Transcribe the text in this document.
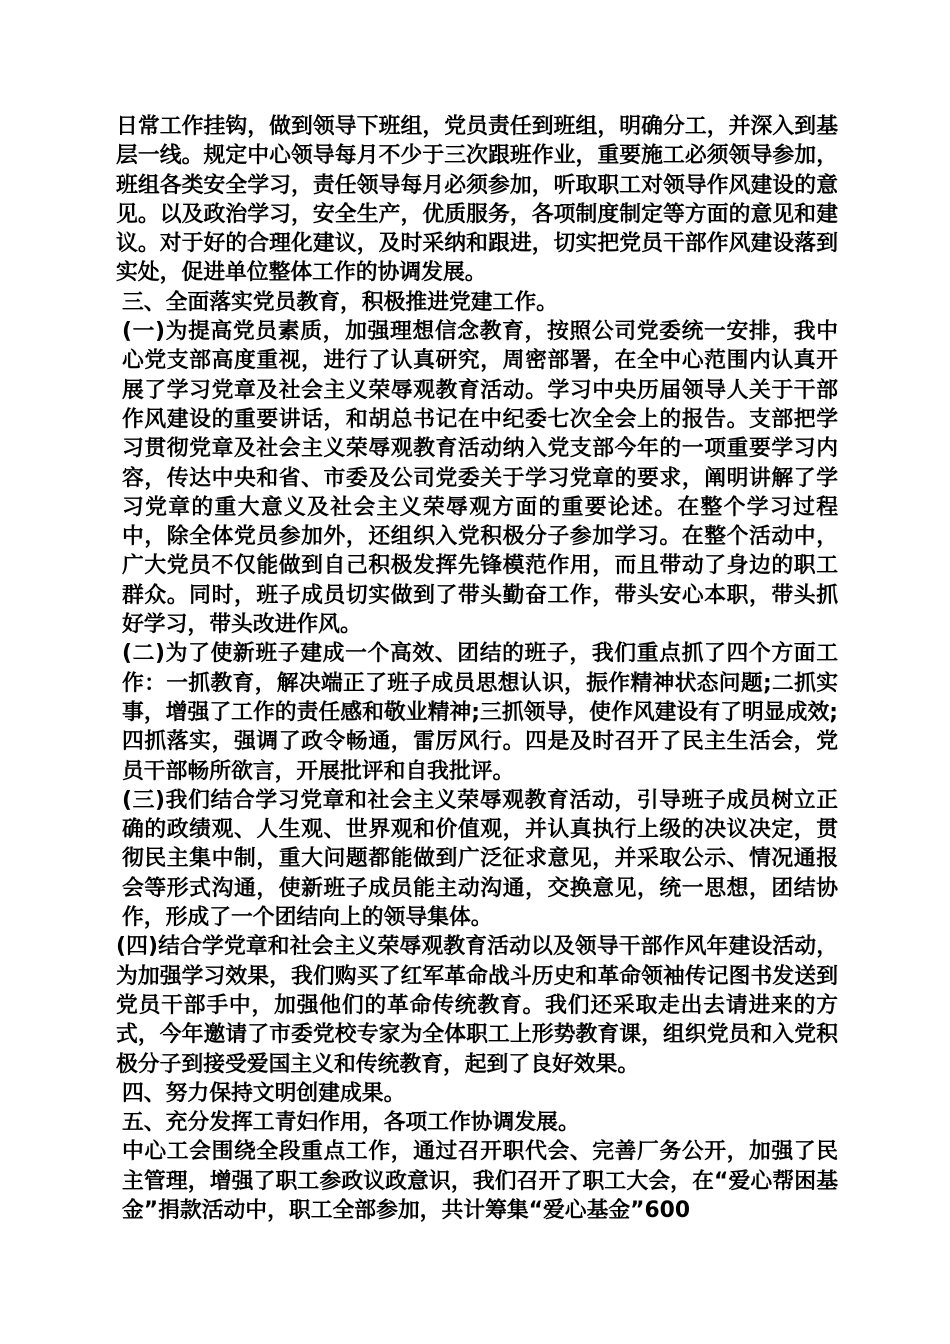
日常工作挂钩，做到领导下班组，党员责任到班组，明确分工，并深入到基层一线。规定中心领导每月不少于三次跟班作业，重要施工必须领导参加，班组各类安全学习，责任领导每月必须参加，听取职工对领导作风建设的意见。以及政治学习，安全生产，优质服务，各项制度制定等方面的意见和建议。对于好的合理化建议，及时采纳和跟进，切实把党员干部作风建设落到实处，促进单位整体工作的协调发展。

三、全面落实党员教育，积极推进党建工作。

(一)为提高党员素质，加强理想信念教育，按照公司党委统一安排，我中心党支部高度重视，进行了认真研究，周密部署，在全中心范围内认真开展了学习党章及社会主义荣辱观教育活动。学习中央历届领导人关于干部作风建设的重要讲话，和胡总书记在中纪委七次全会上的报告。支部把学习贯彻党章及社会主义荣辱观教育活动纳入党支部今年的一项重要学习内容，传达中央和省、市委及公司党委关于学习党章的要求，阐明讲解了学习党章的重大意义及社会主义荣辱观方面的重要论述。在整个学习过程中，除全体党员参加外，还组织入党积极分子参加学习。在整个活动中，广大党员不仅能做到自己积极发挥先锋模范作用，而且带动了身边的职工群众。同时，班子成员切实做到了带头勤奋工作，带头安心本职，带头抓好学习，带头改进作风。

(二)为了使新班子建成一个高效、团结的班子，我们重点抓了四个方面工作：一抓教育，解决端正了班子成员思想认识，振作精神状态问题;二抓实事，增强了工作的责任感和敬业精神;三抓领导，使作风建设有了明显成效;四抓落实，强调了政令畅通，雷厉风行。四是及时召开了民主生活会，党员干部畅所欲言，开展批评和自我批评。

(三)我们结合学习党章和社会主义荣辱观教育活动，引导班子成员树立正确的政绩观、人生观、世界观和价值观，并认真执行上级的决议决定，贯彻民主集中制，重大问题都能做到广泛征求意见，并采取公示、情况通报会等形式沟通，使新班子成员能主动沟通，交换意见，统一思想，团结协作，形成了一个团结向上的领导集体。

(四)结合学党章和社会主义荣辱观教育活动以及领导干部作风年建设活动，为加强学习效果，我们购买了红军革命战斗历史和革命领袖传记图书发送到党员干部手中，加强他们的革命传统教育。我们还采取走出去请进来的方式，今年邀请了市委党校专家为全体职工上形势教育课，组织党员和入党积极分子到接受爱国主义和传统教育，起到了良好效果。

四、努力保持文明创建成果。

五、充分发挥工青妇作用，各项工作协调发展。

中心工会围绕全段重点工作，通过召开职代会、完善厂务公开，加强了民主管理，增强了职工参政议政意识，我们召开了职工大会，在“爱心帮困基金”捐款活动中，职工全部参加，共计筹集“爱心基金”600
